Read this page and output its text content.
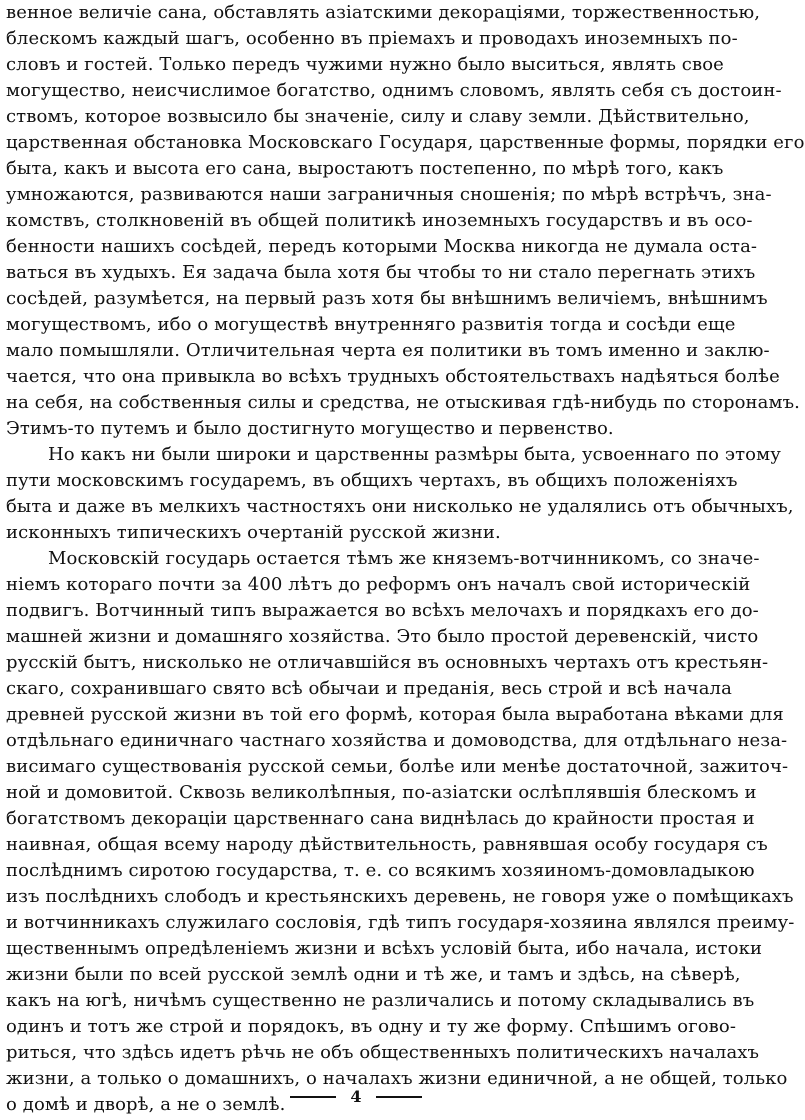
венное величіе сана, обставлять азіатскими декораціями, торжественностью,
блескомъ каждый шагъ, особенно въ пріемахъ и проводахъ иноземныхъ по-
словъ и гостей. Только передъ чужими нужно было выситься, являть свое
могущество, неисчислимое богатство, однимъ словомъ, являть себя съ достоин-
ствомъ, которое возвысило бы значеніе, силу и славу земли. Дѣйствительно,
царственная обстановка Московскаго Государя, царственные формы, порядки его
быта, какъ и высота его сана, выростаютъ постепенно, по мѣрѣ того, какъ
умножаются, развиваются наши заграничныя сношенія; по мѣрѣ встрѣчъ, зна-
комствъ, столкновеній въ общей политикѣ иноземныхъ государствъ и въ осо-
бенности нашихъ сосѣдей, передъ которыми Москва никогда не думала оста-
ваться въ худыхъ. Ея задача была хотя бы чтобы то ни стало перегнать этихъ
сосѣдей, разумѣется, на первый разъ хотя бы внѣшнимъ величіемъ, внѣшнимъ
могуществомъ, ибо о могуществѣ внутренняго развитія тогда и сосѣди еще
мало помышляли. Отличительная черта ея политики въ томъ именно и заклю-
чается, что она привыкла во всѣхъ трудныхъ обстоятельствахъ надѣяться болѣе
на себя, на собственныя силы и средства, не отыскивая гдѣ-нибудь по сторонамъ.
Этимъ-то путемъ и было достигнуто могущество и первенство.
Но какъ ни были широки и царственны размѣры быта, усвоеннаго по этому
пути московскимъ государемъ, въ общихъ чертахъ, въ общихъ положеніяхъ
быта и даже въ мелкихъ частностяхъ они нисколько не удалялись отъ обычныхъ,
исконныхъ типическихъ очертаній русской жизни.
Московскій государь остается тѣмъ же княземъ-вотчинникомъ, со значе-
ніемъ котораго почти за 400 лѣтъ до реформъ онъ началъ свой историческій
подвигъ. Вотчинный типъ выражается во всѣхъ мелочахъ и порядкахъ его до-
машней жизни и домашняго хозяйства. Это было простой деревенскій, чисто
русскій бытъ, нисколько не отличавшійся въ основныхъ чертахъ отъ крестьян-
скаго, сохранившаго свято всѣ обычаи и преданія, весь строй и всѣ начала
древней русской жизни въ той его формѣ, которая была выработана вѣками для
отдѣльнаго единичнаго частнаго хозяйства и домоводства, для отдѣльнаго неза-
висимаго существованія русской семьи, болѣе или менѣе достаточной, зажиточ-
ной и домовитой. Сквозь великолѣпныя, по-азіатски ослѣплявшія блескомъ и
богатствомъ декораціи царственнаго сана виднѣлась до крайности простая и
наивная, общая всему народу дѣйствительность, равнявшая особу государя съ
послѣднимъ сиротою государства, т. е. со всякимъ хозяиномъ-домовладыкою
изъ послѣднихъ слободъ и крестьянскихъ деревень, не говоря уже о помѣщикахъ
и вотчинникахъ служилаго сословія, гдѣ типъ государя-хозяина являлся преиму-
щественнымъ опредѣленіемъ жизни и всѣхъ условій быта, ибо начала, истоки
жизни были по всей русской землѣ одни и тѣ же, и тамъ и здѣсь, на сѣверѣ,
какъ на югѣ, ничѣмъ существенно не различались и потому складывались въ
одинъ и тотъ же строй и порядокъ, въ одну и ту же форму. Спѣшимъ оговo-
риться, что здѣсь идетъ рѣчь не объ общественныхъ политическихъ началахъ
жизни, а только о домашнихъ, о началахъ жизни единичной, а не общей, только
о домѣ и дворѣ, а не о землѣ.	4
